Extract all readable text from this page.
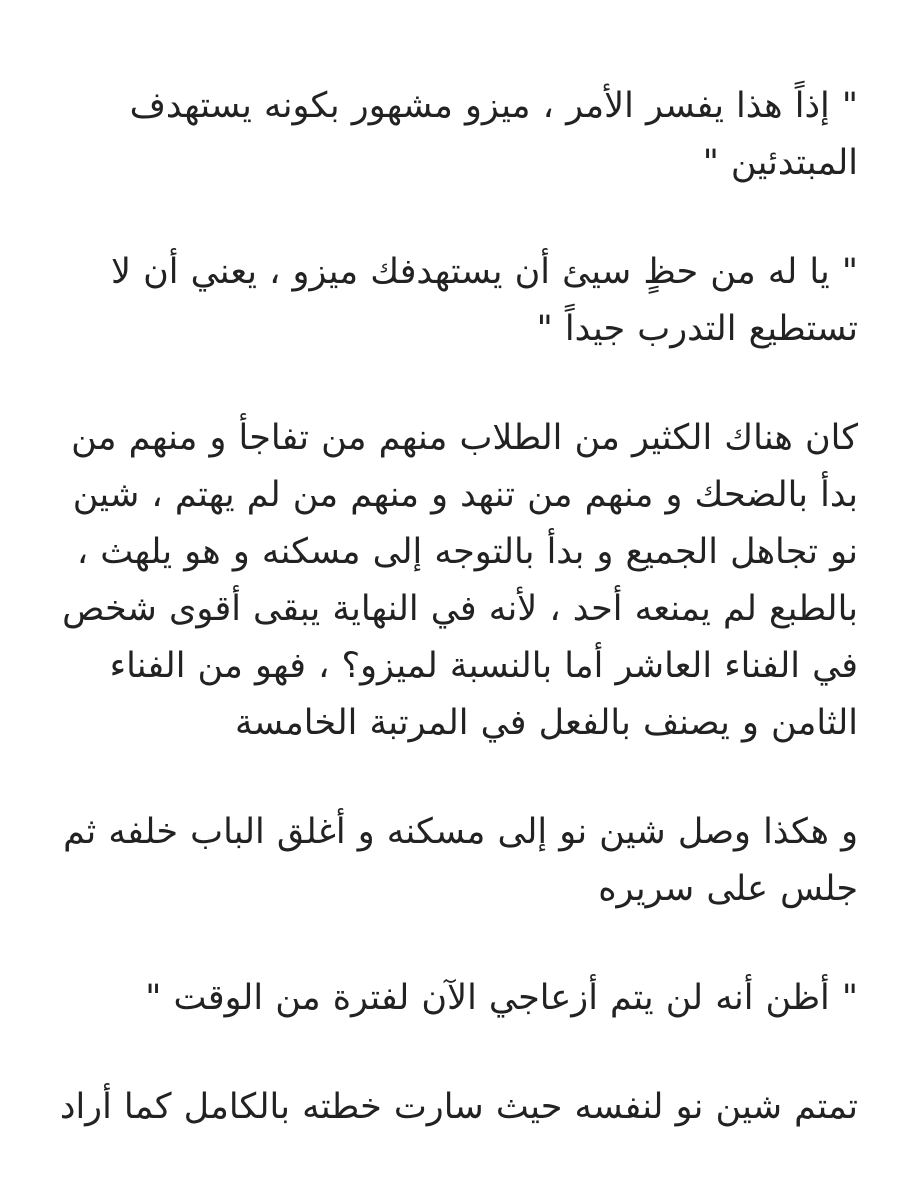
" إذاً هذا يفسر الأمر ، ميزو مشهور بكونه يستهدف المبتدئين "

" يا له من حظٍ سيئ أن يستهدفك ميزو ، يعني أن لا تستطيع التدرب جيداً "

كان هناك الكثير من الطلاب منهم من تفاجأ و منهم من بدأ بالضحك و منهم من تنهد و منهم من لم يهتم ، شين نو تجاهل الجميع و بدأ بالتوجه إلى مسكنه و هو يلهث ، بالطبع لم يمنعه أحد ، لأنه في النهاية يبقى أقوى شخص في الفناء العاشر أما بالنسبة لميزو؟ ، فهو من الفناء الثامن و يصنف بالفعل في المرتبة الخامسة

و هكذا وصل شين نو إلى مسكنه و أغلق الباب خلفه ثم جلس على سريره

" أظن أنه لن يتم أزعاجي الآن لفترة من الوقت "

تمتم شين نو لنفسه حيث سارت خطته بالكامل كما أراد
